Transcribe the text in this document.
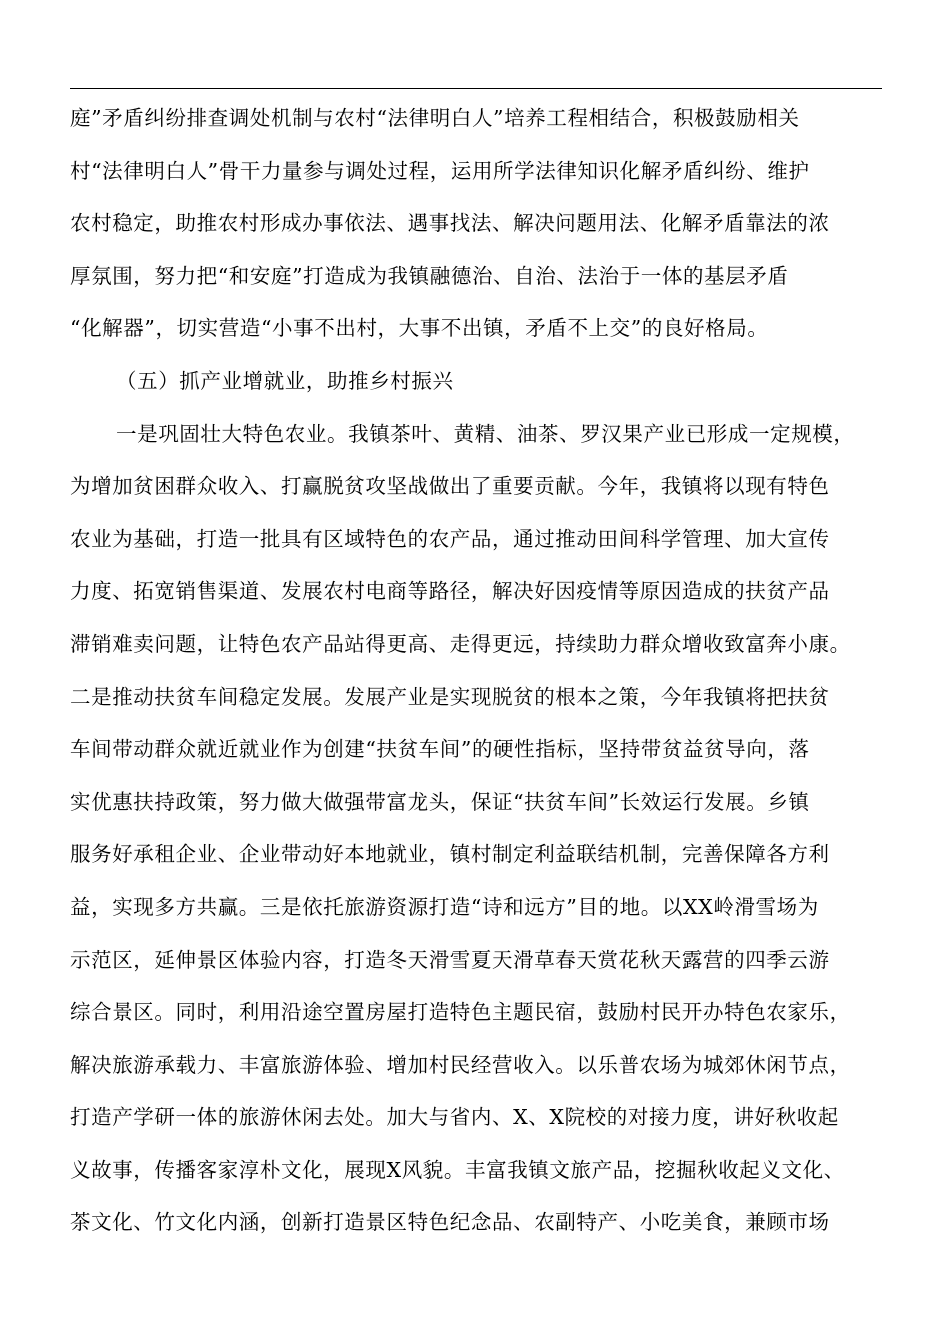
庭”矛盾纠纷排查调处机制与农村“法律明白人”培养工程相结合，积极鼓励相关
村“法律明白人”骨干力量参与调处过程，运用所学法律知识化解矛盾纠纷、维护
农村稳定，助推农村形成办事依法、遇事找法、解决问题用法、化解矛盾靠法的浓
厚氛围，努力把“和安庭”打造成为我镇融德治、自治、法治于一体的基层矛盾
“化解器”，切实营造“小事不出村，大事不出镇，矛盾不上交”的良好格局。
（五）抓产业增就业，助推乡村振兴
一是巩固壮大特色农业。我镇茶叶、黄精、油茶、罗汉果产业已形成一定规模，
为增加贫困群众收入、打赢脱贫攻坚战做出了重要贡献。今年，我镇将以现有特色
农业为基础，打造一批具有区域特色的农产品，通过推动田间科学管理、加大宣传
力度、拓宽销售渠道、发展农村电商等路径，解决好因疫情等原因造成的扶贫产品
滞销难卖问题，让特色农产品站得更高、走得更远，持续助力群众增收致富奔小康。
二是推动扶贫车间稳定发展。发展产业是实现脱贫的根本之策，今年我镇将把扶贫
车间带动群众就近就业作为创建“扶贫车间”的硬性指标，坚持带贫益贫导向，落
实优惠扶持政策，努力做大做强带富龙头，保证“扶贫车间”长效运行发展。乡镇
服务好承租企业、企业带动好本地就业，镇村制定利益联结机制，完善保障各方利
益，实现多方共赢。三是依托旅游资源打造“诗和远方”目的地。以XX岭滑雪场为
示范区，延伸景区体验内容，打造冬天滑雪夏天滑草春天赏花秋天露营的四季云游
综合景区。同时，利用沿途空置房屋打造特色主题民宿，鼓励村民开办特色农家乐，
解决旅游承载力、丰富旅游体验、增加村民经营收入。以乐普农场为城郊休闲节点，
打造产学研一体的旅游休闲去处。加大与省内、X、X院校的对接力度，讲好秋收起
义故事，传播客家淳朴文化，展现X风貌。丰富我镇文旅产品，挖掘秋收起义文化、
茶文化、竹文化内涵，创新打造景区特色纪念品、农副特产、小吃美食，兼顾市场
